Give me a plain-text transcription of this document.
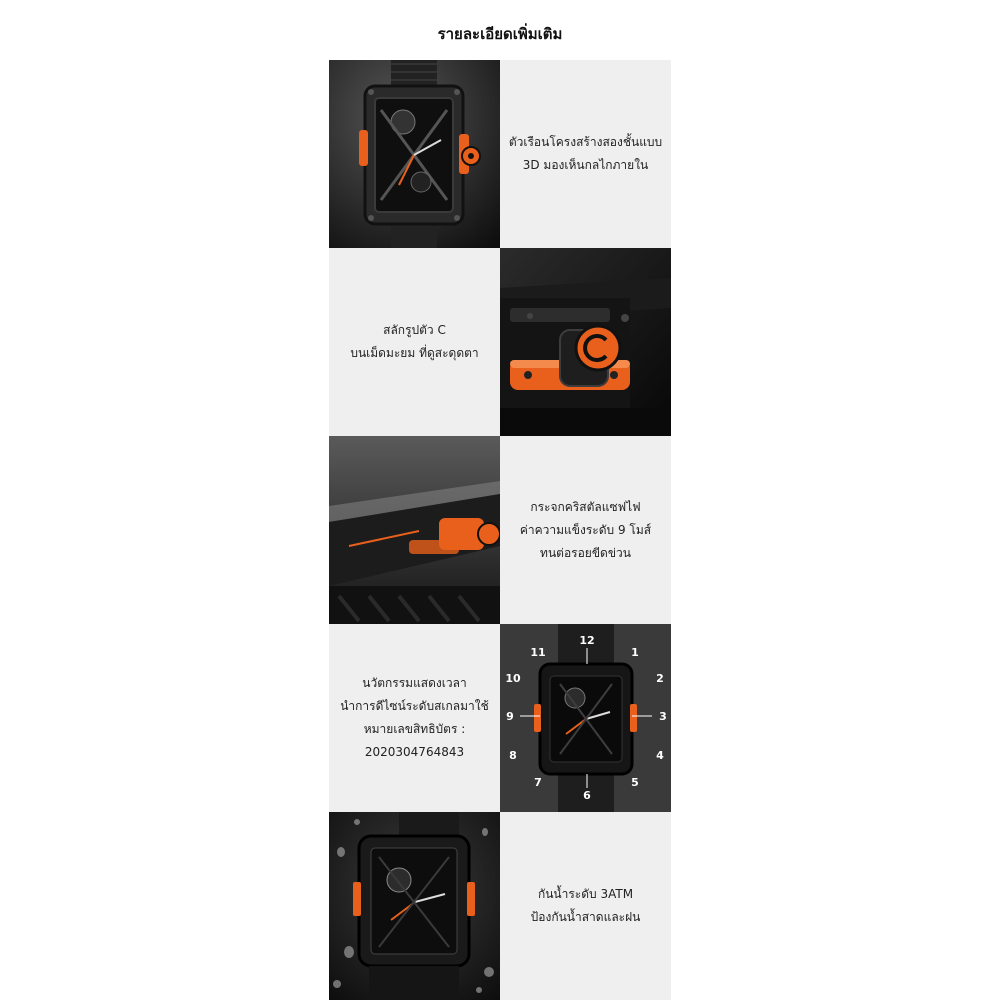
รายละเอียดเพิ่มเติม
ตัวเรือนโครงสร้างสองชั้นแบบ
3D มองเห็นกลไกภายใน
สลักรูปตัว C
บนเม็ดมะยม ที่ดูสะดุดตา
กระจกคริสตัลแซฟไฟ
ค่าความแข็งระดับ 9 โมส์
ทนต่อรอยขีดข่วน
นวัตกรรมแสดงเวลา
นำการดีไซน์ระดับสเกลมาใช้
หมายเลขสิทธิบัตร :
2020304764843
12
1
2
3
4
5
6
7
8
9
10
11
กันน้ำระดับ 3ATM
ป้องกันน้ำสาดและฝน
